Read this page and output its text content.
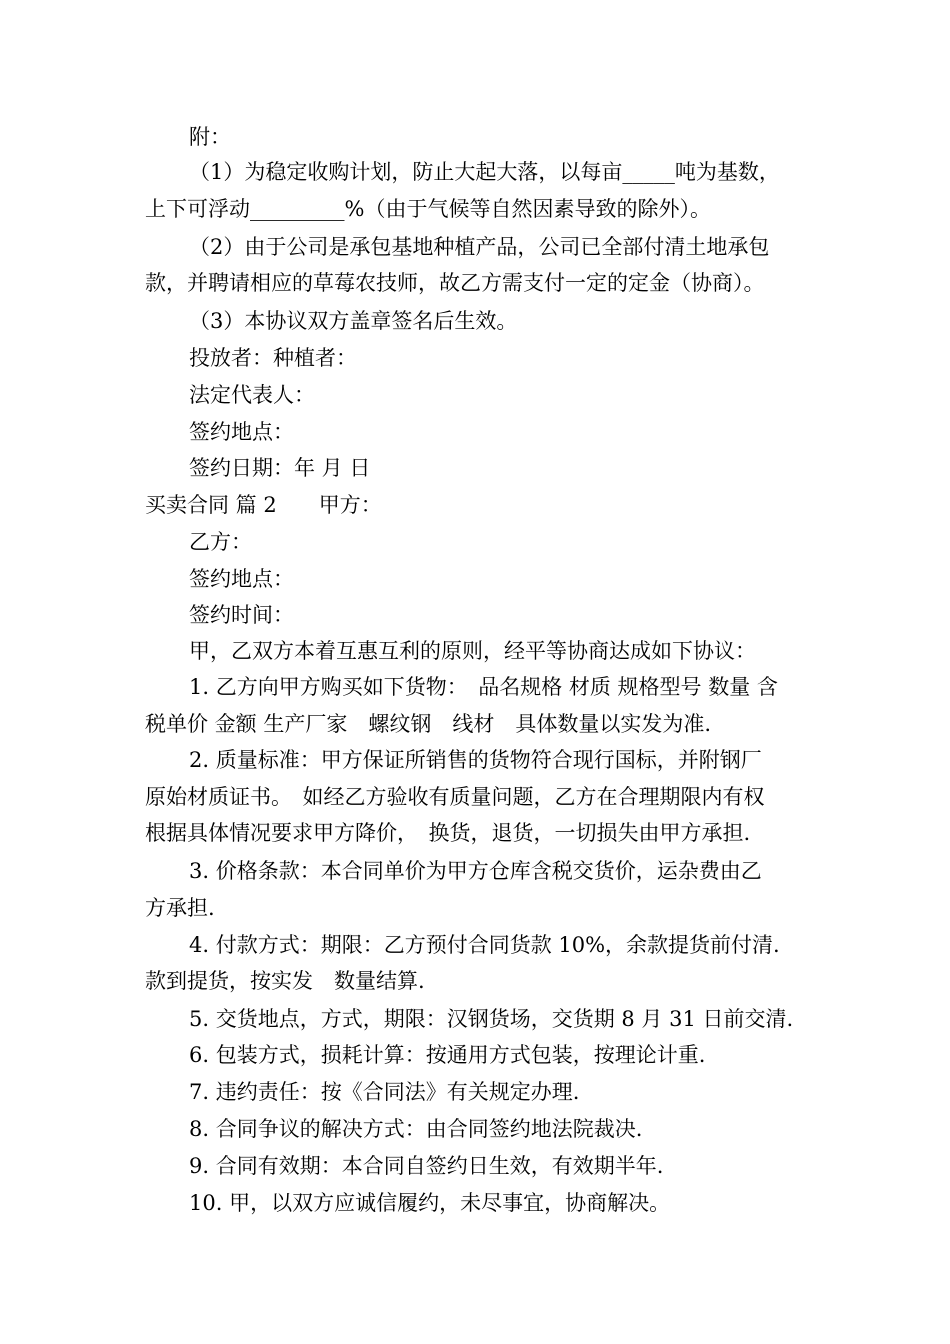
附：
（1）为稳定收购计划，防止大起大落，以每亩_____吨为基数，
上下可浮动_________%（由于气候等自然因素导致的除外）。
（2）由于公司是承包基地种植产品，公司已全部付清土地承包
款，并聘请相应的草莓农技师，故乙方需支付一定的定金（协商）。
（3）本协议双方盖章签名后生效。
投放者：种植者：
法定代表人：
签约地点：
签约日期：年 月 日
买卖合同 篇 2　　甲方：
乙方：
签约地点：
签约时间：
甲，乙双方本着互惠互利的原则，经平等协商达成如下协议：
1. 乙方向甲方购买如下货物：　品名规格 材质 规格型号 数量 含
税单价 金额 生产厂家　螺纹钢　线材　具体数量以实发为准.
2. 质量标准：甲方保证所销售的货物符合现行国标，并附钢厂
原始材质证书。　如经乙方验收有质量问题，乙方在合理期限内有权
根据具体情况要求甲方降价，　换货，退货，一切损失由甲方承担.
3. 价格条款：本合同单价为甲方仓库含税交货价，运杂费由乙
方承担.
4. 付款方式：期限：乙方预付合同货款 10%，余款提货前付清.
款到提货，按实发　数量结算.
5. 交货地点，方式，期限：汉钢货场，交货期 8 月 31 日前交清.
6. 包装方式，损耗计算：按通用方式包装，按理论计重.
7. 违约责任：按《合同法》有关规定办理.
8. 合同争议的解决方式：由合同签约地法院裁决.
9. 合同有效期：本合同自签约日生效，有效期半年.
10. 甲，以双方应诚信履约，未尽事宜，协商解决。
